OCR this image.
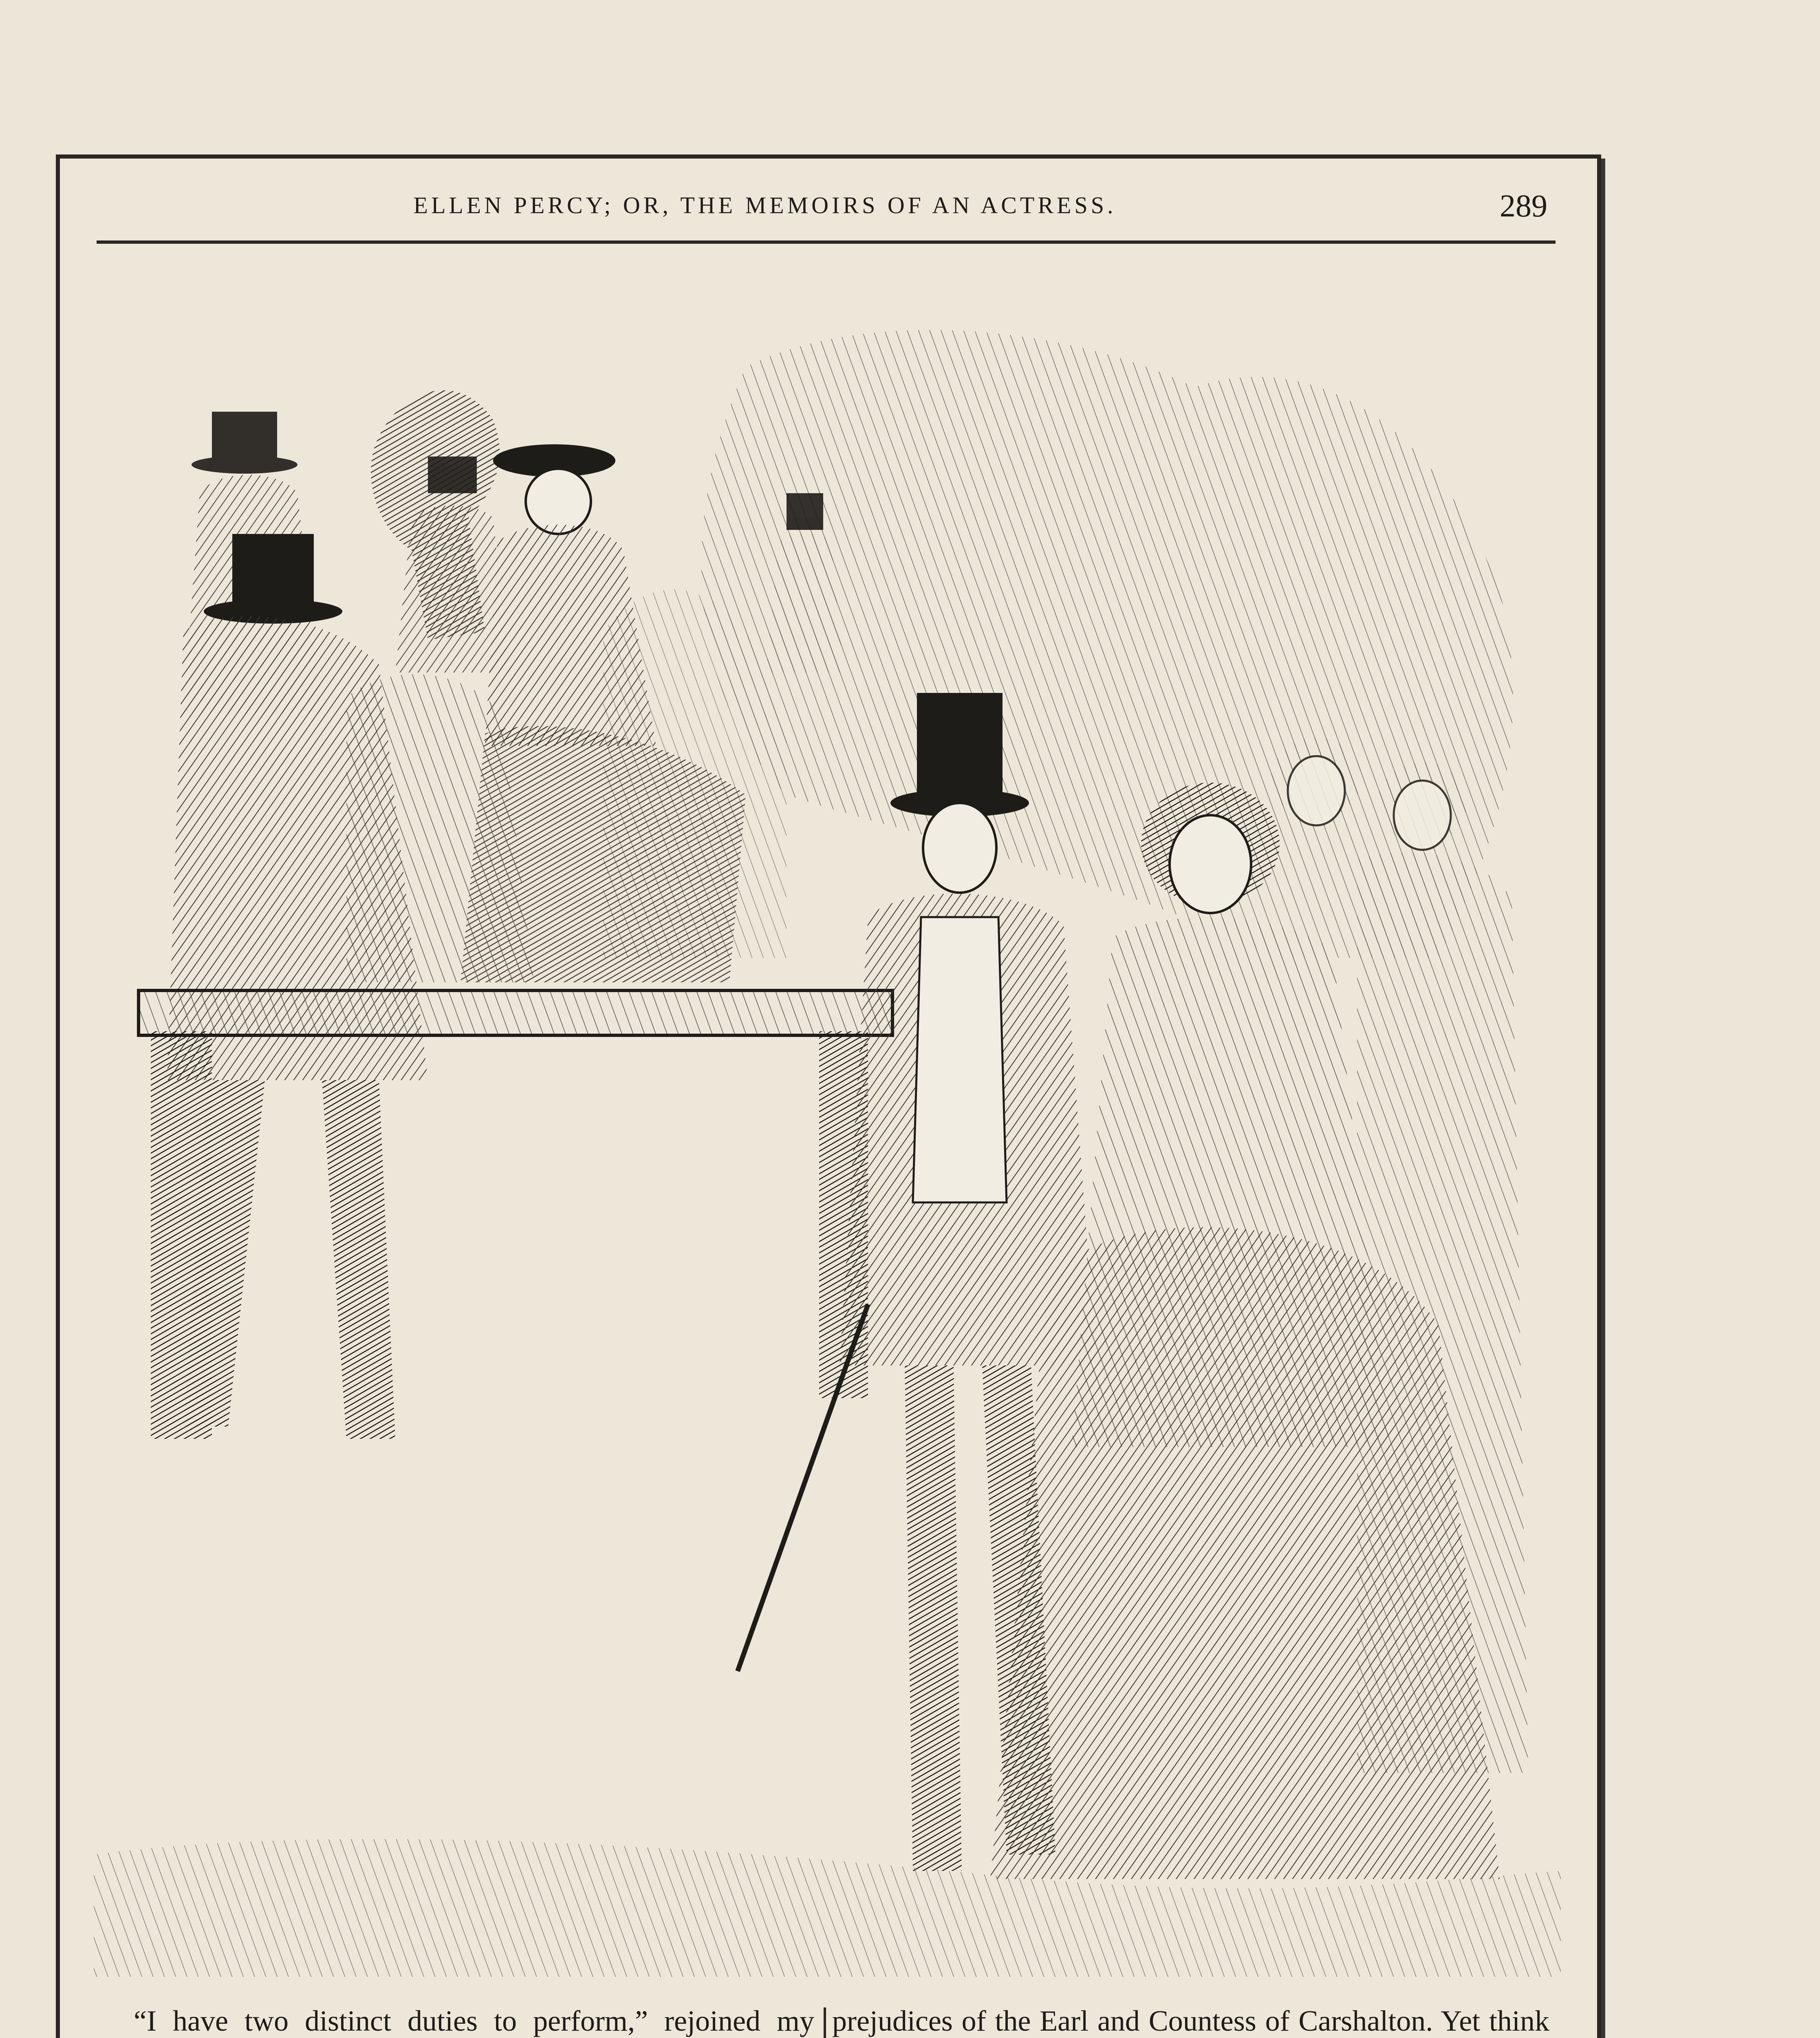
ELLEN PERCY; OR, THE MEMOIRS OF AN ACTRESS.	289

“I have two distinct duties to perform,” rejoined my prejudices of the Earl and Countess of Carshalton. Yet think
